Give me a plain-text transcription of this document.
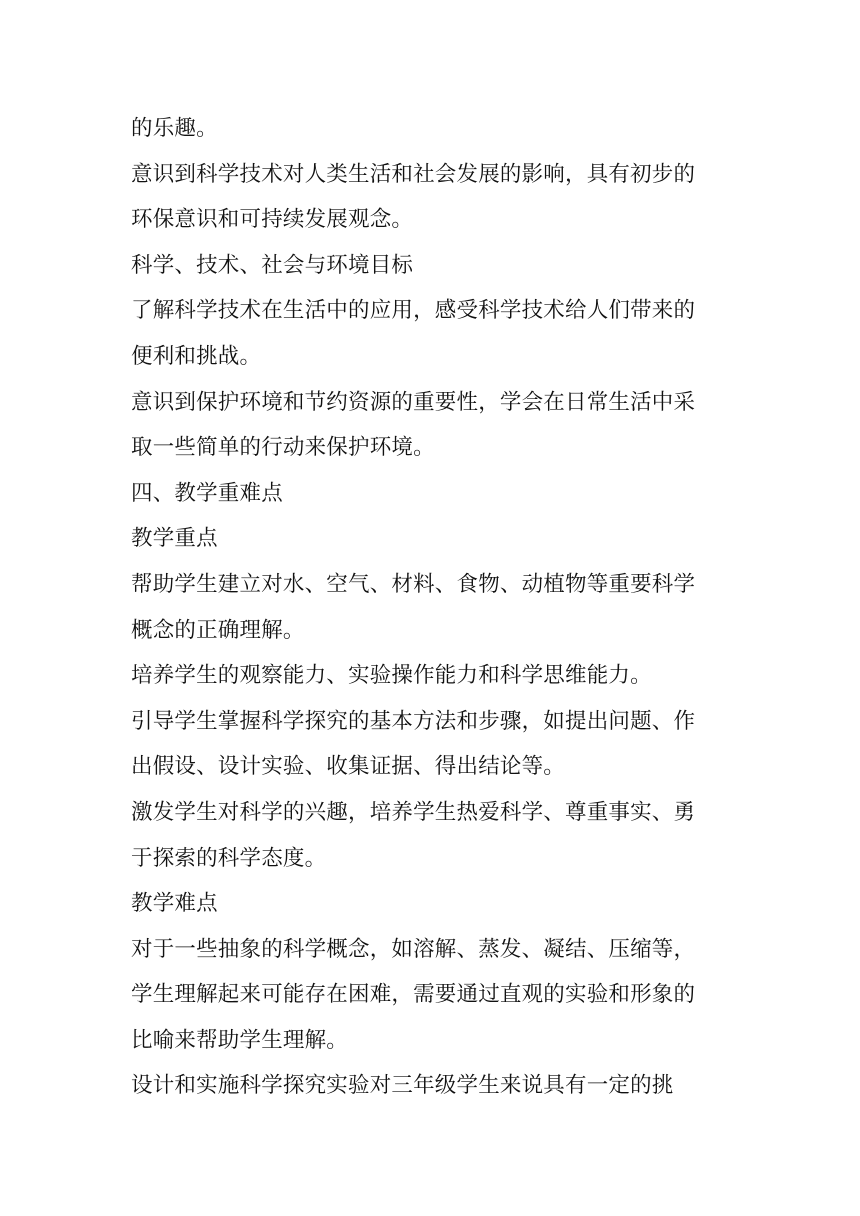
的乐趣。
意识到科学技术对人类生活和社会发展的影响，具有初步的
环保意识和可持续发展观念。
科学、技术、社会与环境目标
了解科学技术在生活中的应用，感受科学技术给人们带来的
便利和挑战。
意识到保护环境和节约资源的重要性，学会在日常生活中采
取一些简单的行动来保护环境。
四、教学重难点
教学重点
帮助学生建立对水、空气、材料、食物、动植物等重要科学
概念的正确理解。
培养学生的观察能力、实验操作能力和科学思维能力。
引导学生掌握科学探究的基本方法和步骤，如提出问题、作
出假设、设计实验、收集证据、得出结论等。
激发学生对科学的兴趣，培养学生热爱科学、尊重事实、勇
于探索的科学态度。
教学难点
对于一些抽象的科学概念，如溶解、蒸发、凝结、压缩等，
学生理解起来可能存在困难，需要通过直观的实验和形象的
比喻来帮助学生理解。
设计和实施科学探究实验对三年级学生来说具有一定的挑
